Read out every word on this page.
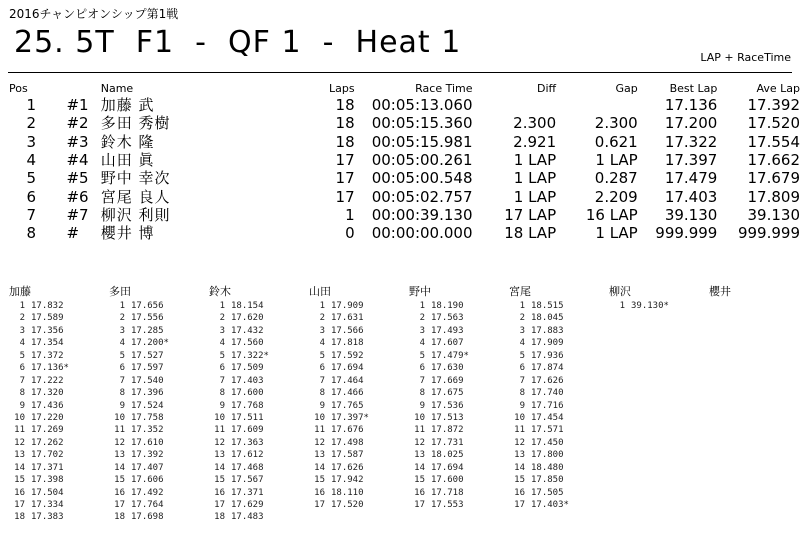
2016チャンピオンシップ第1戦
25. 5T  F1  -  QF 1  -  Heat 1	LAP + RaceTime
Pos		Name	Laps	Race Time	Diff	Gap	Best Lap	Ave Lap
1	#1	加藤 武	18	00:05:13.060			17.136	17.392
2	#2	多田 秀樹	18	00:05:15.360	2.300	2.300	17.200	17.520
3	#3	鈴木 隆	18	00:05:15.981	2.921	0.621	17.322	17.554
4	#4	山田 眞	17	00:05:00.261	1 LAP	1 LAP	17.397	17.662
5	#5	野中 幸次	17	00:05:00.548	1 LAP	0.287	17.479	17.679
6	#6	宮尾 良人	17	00:05:02.757	1 LAP	2.209	17.403	17.809
7	#7	柳沢 利則	1	00:00:39.130	17 LAP	16 LAP	39.130	39.130
8	#	櫻井 博	0	00:00:00.000	18 LAP	1 LAP	999.999	999.999
加藤
1 17.832
2 17.589
3 17.356
4 17.354
5 17.372
6 17.136*
7 17.222
8 17.320
9 17.436
10 17.220
11 17.269
12 17.262
13 17.702
14 17.371
15 17.398
16 17.504
17 17.334
18 17.383
多田
1 17.656
2 17.556
3 17.285
4 17.200*
5 17.527
6 17.597
7 17.540
8 17.396
9 17.524
10 17.758
11 17.352
12 17.610
13 17.392
14 17.407
15 17.606
16 17.492
17 17.764
18 17.698
鈴木
1 18.154
2 17.620
3 17.432
4 17.560
5 17.322*
6 17.509
7 17.403
8 17.600
9 17.768
10 17.511
11 17.609
12 17.363
13 17.612
14 17.468
15 17.567
16 17.371
17 17.629
18 17.483
山田
1 17.909
2 17.631
3 17.566
4 17.818
5 17.592
6 17.694
7 17.464
8 17.466
9 17.765
10 17.397*
11 17.676
12 17.498
13 17.587
14 17.626
15 17.942
16 18.110
17 17.520
野中
1 18.190
2 17.563
3 17.493
4 17.607
5 17.479*
6 17.630
7 17.669
8 17.675
9 17.536
10 17.513
11 17.872
12 17.731
13 18.025
14 17.694
15 17.600
16 17.718
17 17.553
宮尾
1 18.515
2 18.045
3 17.883
4 17.909
5 17.936
6 17.874
7 17.626
8 17.740
9 17.716
10 17.454
11 17.571
12 17.450
13 17.800
14 18.480
15 17.850
16 17.505
17 17.403*
柳沢
1 39.130*
櫻井
